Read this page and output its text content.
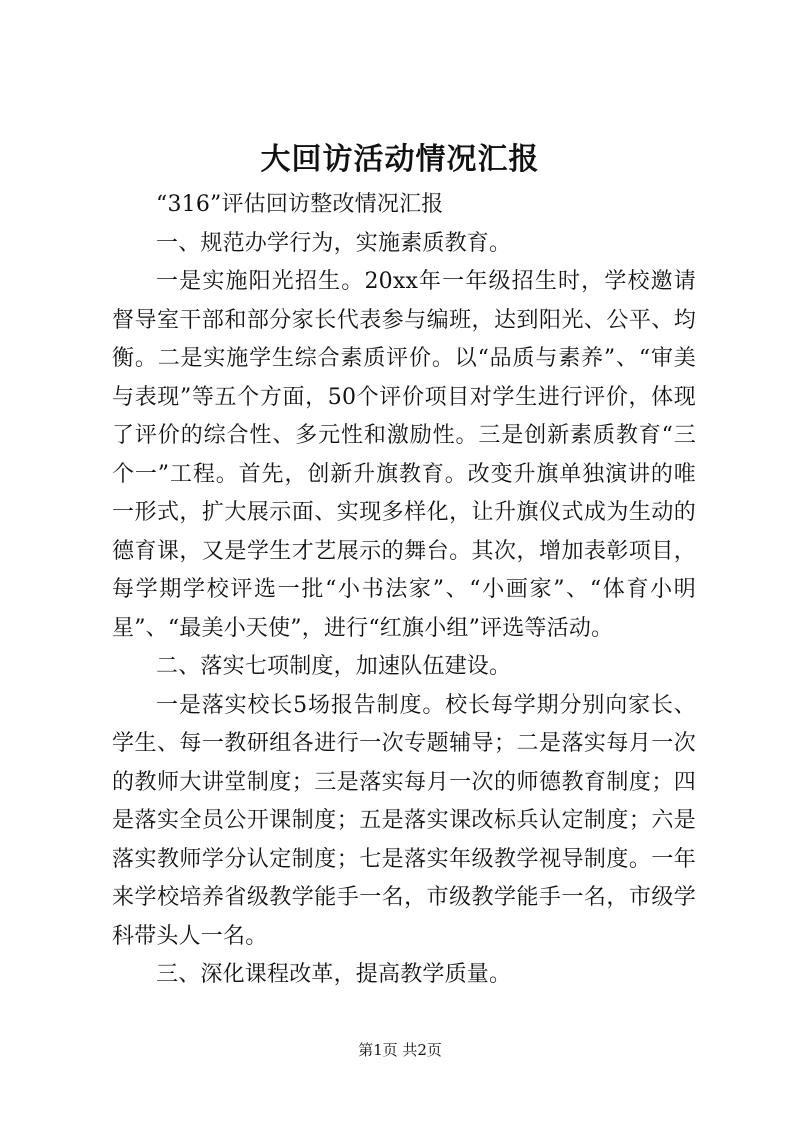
大回访活动情况汇报

“316”评估回访整改情况汇报

一、规范办学行为，实施素质教育。

一是实施阳光招生。20xx年一年级招生时，学校邀请督导室干部和部分家长代表参与编班，达到阳光、公平、均衡。二是实施学生综合素质评价。以“品质与素养”、“审美与表现”等五个方面，50个评价项目对学生进行评价，体现了评价的综合性、多元性和激励性。三是创新素质教育“三个一”工程。首先，创新升旗教育。改变升旗单独演讲的唯一形式，扩大展示面、实现多样化，让升旗仪式成为生动的德育课，又是学生才艺展示的舞台。其次，增加表彰项目，每学期学校评选一批“小书法家”、“小画家”、“体育小明星”、“最美小天使”，进行“红旗小组”评选等活动。

二、落实七项制度，加速队伍建设。

一是落实校长5场报告制度。校长每学期分别向家长、学生、每一教研组各进行一次专题辅导；二是落实每月一次的教师大讲堂制度；三是落实每月一次的师德教育制度；四是落实全员公开课制度；五是落实课改标兵认定制度；六是落实教师学分认定制度；七是落实年级教学视导制度。一年来学校培养省级教学能手一名，市级教学能手一名，市级学科带头人一名。

三、深化课程改革，提高教学质量。

第1页 共2页
